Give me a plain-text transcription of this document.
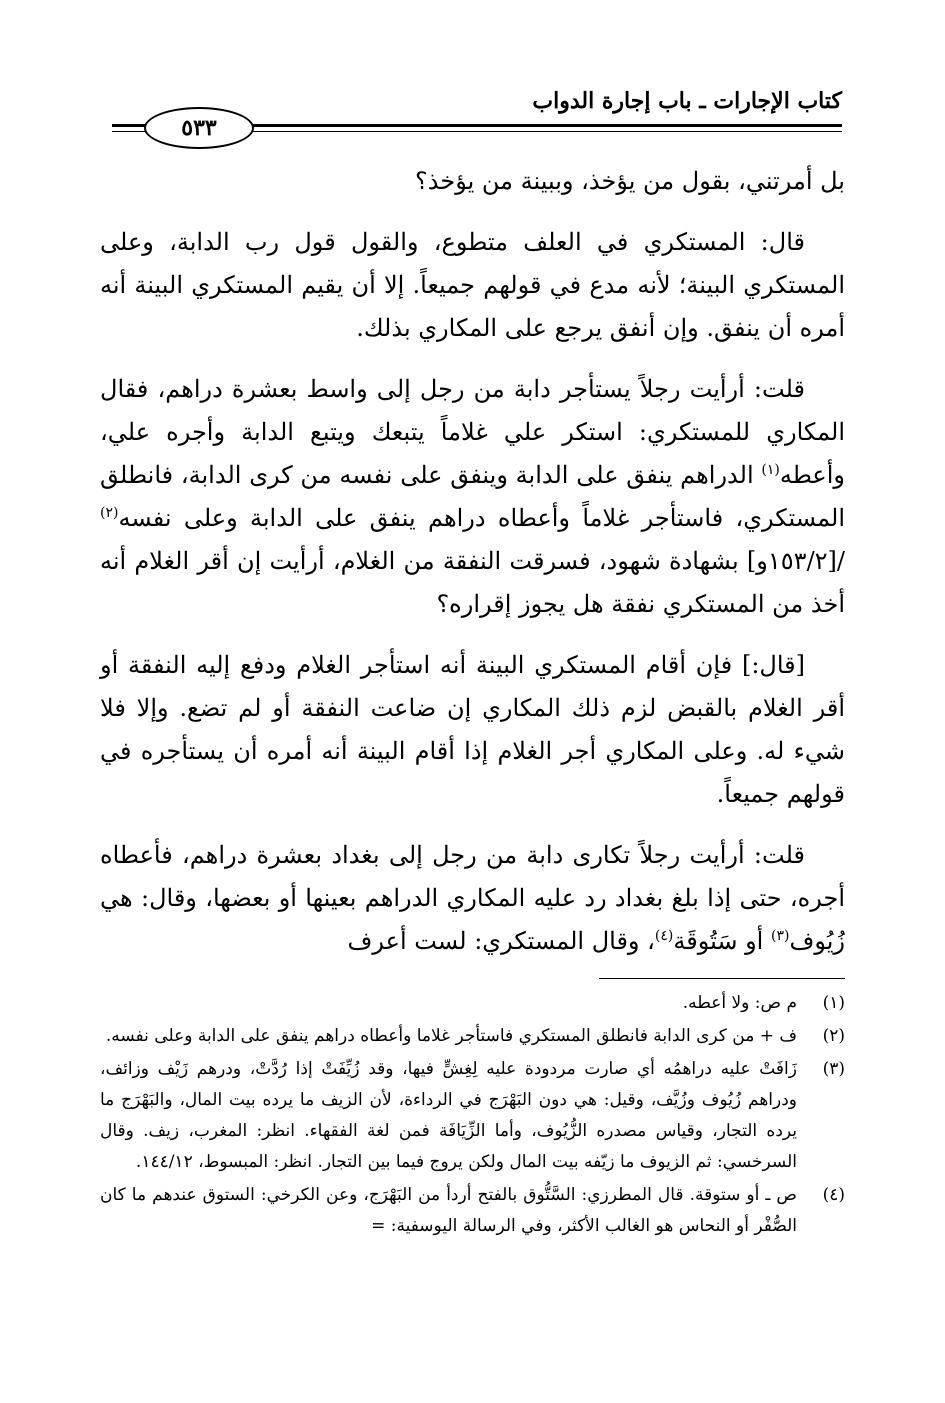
كتاب الإجارات ـ باب إجارة الدواب
٥٣٣

بل أمرتني، بقول من يؤخذ، وببينة من يؤخذ؟

قال: المستكري في العلف متطوع، والقول قول رب الدابة، وعلى المستكري البينة؛ لأنه مدع في قولهم جميعاً. إلا أن يقيم المستكري البينة أنه أمره أن ينفق. وإن أنفق يرجع على المكاري بذلك.

قلت: أرأيت رجلاً يستأجر دابة من رجل إلى واسط بعشرة دراهم، فقال المكاري للمستكري: استكر علي غلاماً يتبعك ويتبع الدابة وأجره علي، وأعطه$^{(١)}$ الدراهم ينفق على الدابة وينفق على نفسه من كرى الدابة، فانطلق المستكري، فاستأجر غلاماً وأعطاه دراهم ينفق على الدابة وعلى نفسه$^{(٢)}$ /[١٥٣/٢و] بشهادة شهود، فسرقت النفقة من الغلام، أرأيت إن أقر الغلام أنه أخذ من المستكري نفقة هل يجوز إقراره؟

[قال:] فإن أقام المستكري البينة أنه استأجر الغلام ودفع إليه النفقة أو أقر الغلام بالقبض لزم ذلك المكاري إن ضاعت النفقة أو لم تضع. وإلا فلا شيء له. وعلى المكاري أجر الغلام إذا أقام البينة أنه أمره أن يستأجره في قولهم جميعاً.

قلت: أرأيت رجلاً تكارى دابة من رجل إلى بغداد بعشرة دراهم، فأعطاه أجره، حتى إذا بلغ بغداد رد عليه المكاري الدراهم بعينها أو بعضها، وقال: هي زُيُوف$^{(٣)}$ أو سَتُوقَة$^{(٤)}$، وقال المستكري: لست أعرف

(١)
م ص: ولا أعطه.
(٢)
ف + من كرى الدابة فانطلق المستكري فاستأجر غلاما وأعطاه دراهم ينفق على الدابة وعلى نفسه.
(٣)
زَافَتْ عليه دراهمُه أي صارت مردودة عليه لِغِشٍّ فيها، وقد زُيِّفَتْ إذا رُدَّتْ، ودرهم زَيْف وزائف، ودراهم زُيُوف وزُيَّف، وقيل: هي دون البَهْرَج في الرداءة، لأن الزيف ما يرده بيت المال، والبَهْرَج ما يرده التجار، وقياس مصدره الزُّيُوف، وأما الزِّيَافَة فمن لغة الفقهاء. انظر: المغرب، زيف. وقال السرخسي: ثم الزيوف ما زيّفه بيت المال ولكن يروج فيما بين التجار. انظر: المبسوط، ١٤٤/١٢.
(٤)
ص ـ أو ستوقة. قال المطرزي: السَّتُّوق بالفتح أردأ من البَهْرَج، وعن الكرخي: الستوق عندهم ما كان الصُّفْر أو النحاس هو الغالب الأكثر، وفي الرسالة اليوسفية: =
